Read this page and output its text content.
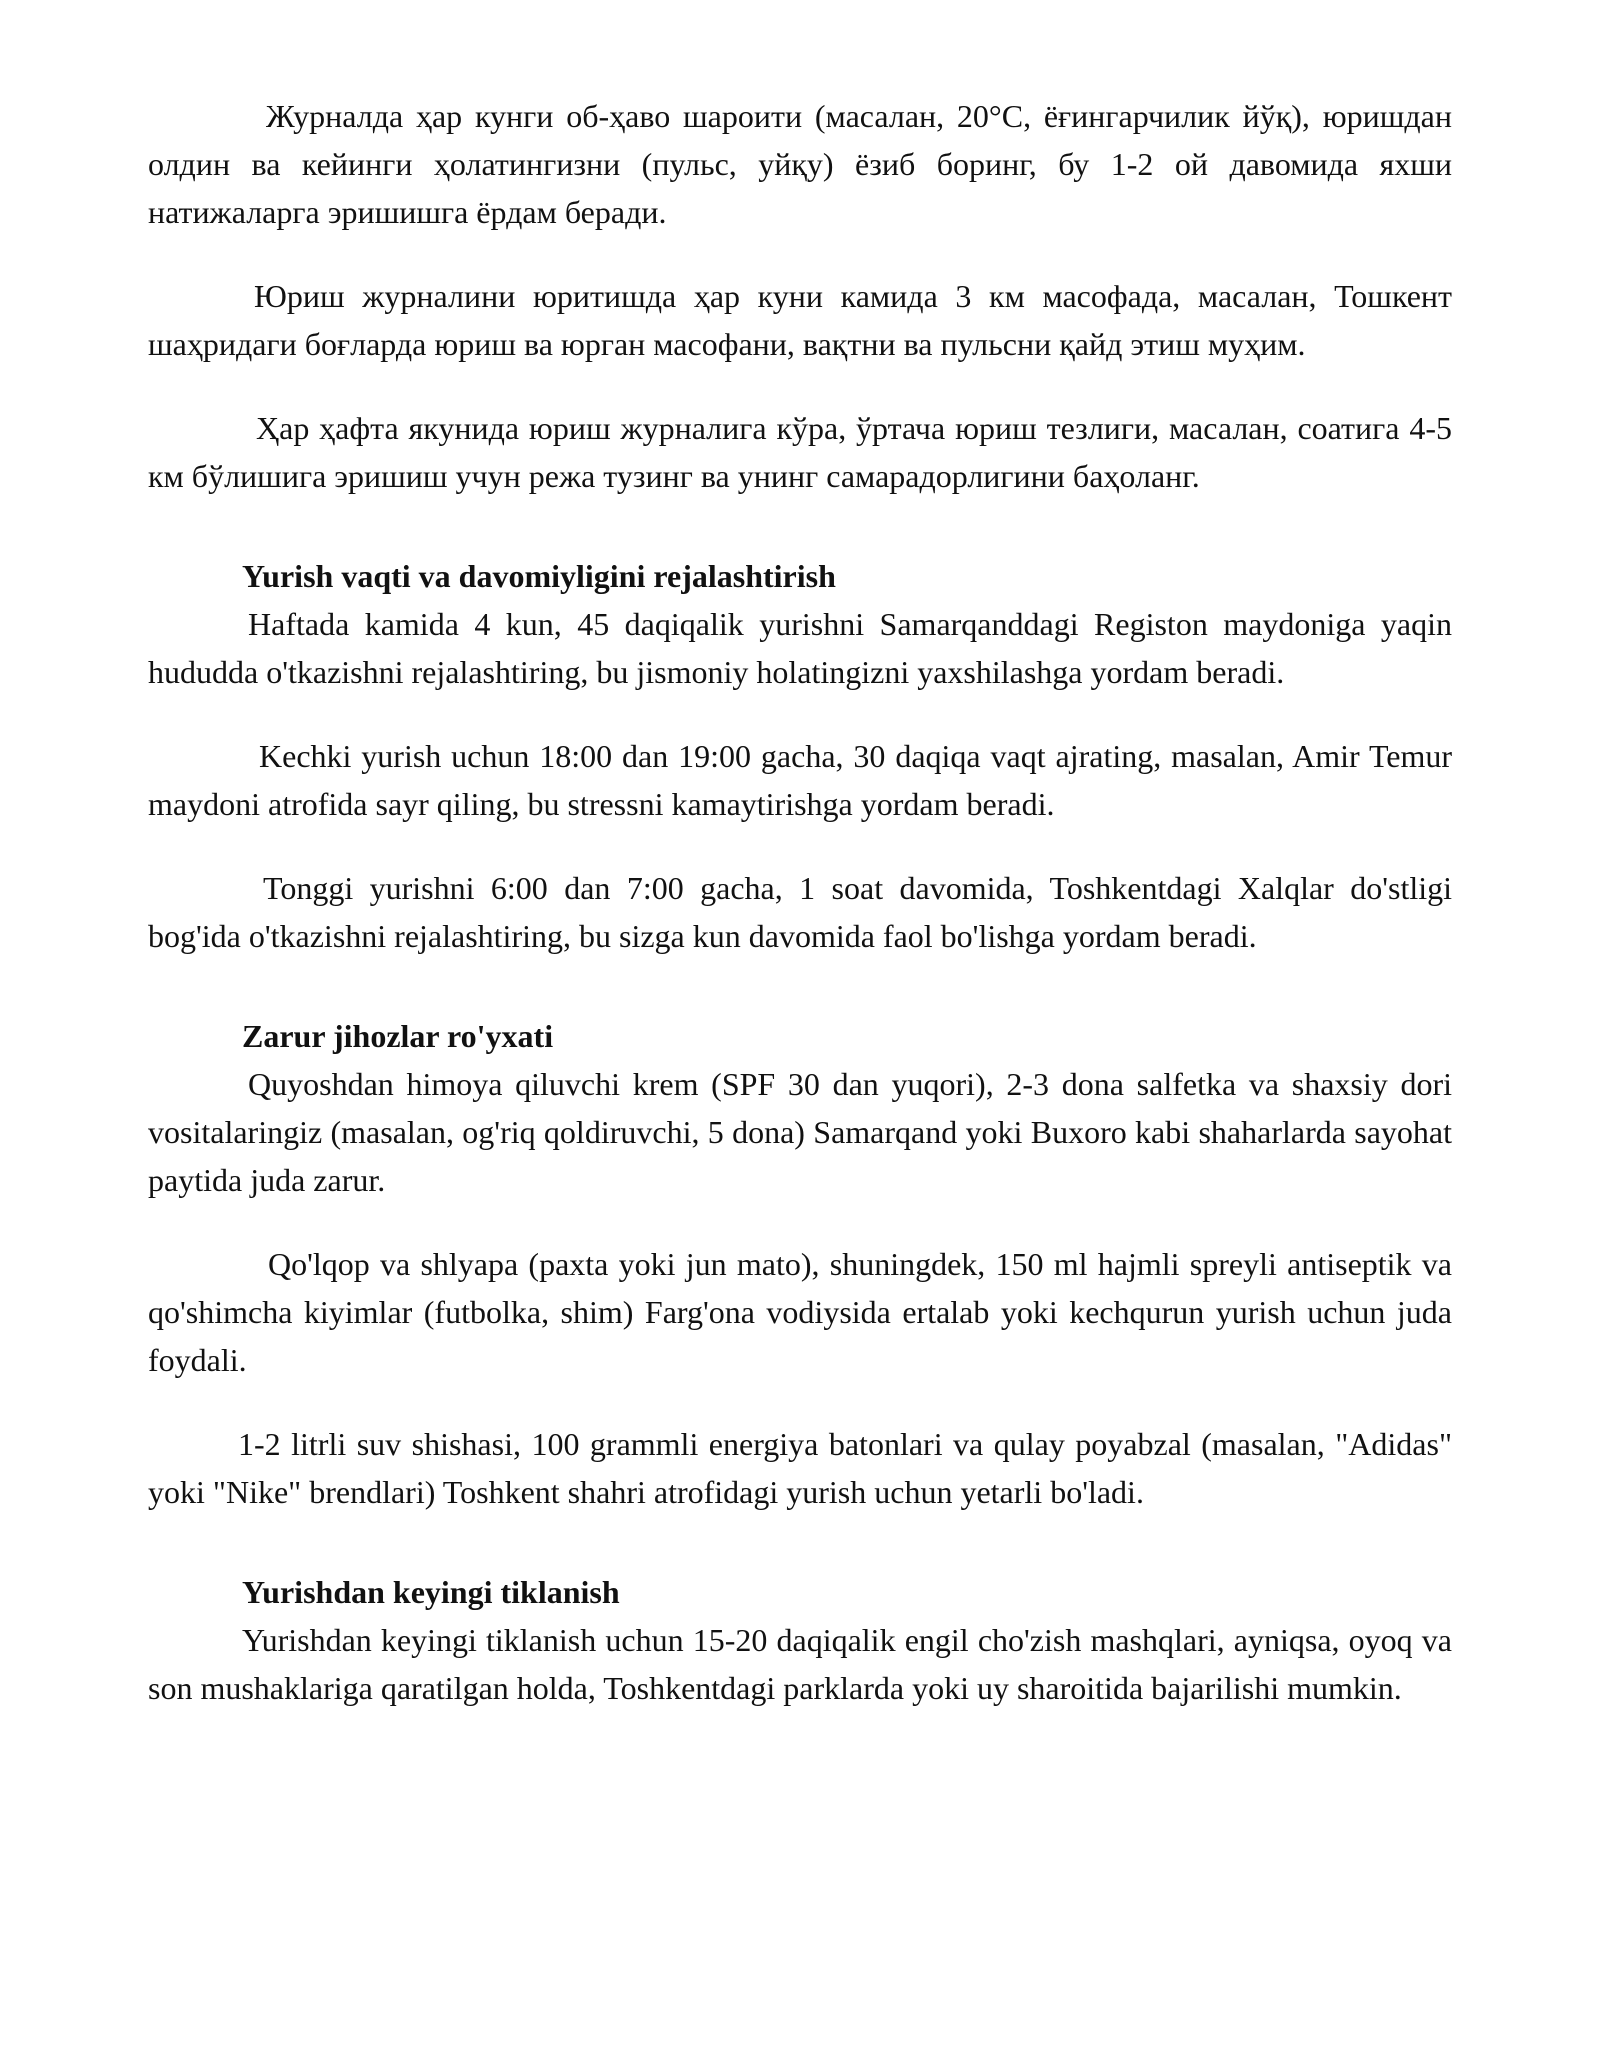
Журналда ҳар кунги об-ҳаво шароити (масалан, 20°C, ёғингарчилик йўқ), юришдан олдин ва кейинги ҳолатингизни (пульс, уйқу) ёзиб боринг, бу 1-2 ой давомида яхши натижаларга эришишга ёрдам беради.

Юриш журналини юритишда ҳар куни камида 3 км масофада, масалан, Тошкент шаҳридаги боғларда юриш ва юрган масофани, вақтни ва пульсни қайд этиш муҳим.

Ҳар ҳафта якунида юриш журналига кўра, ўртача юриш тезлиги, масалан, соатига 4-5 км бўлишига эришиш учун режа тузинг ва унинг самарадорлигини баҳоланг.

Yurish vaqti va davomiyligini rejalashtirish

Haftada kamida 4 kun, 45 daqiqalik yurishni Samarqanddagi Registon maydoniga yaqin hududda o'tkazishni rejalashtiring, bu jismoniy holatingizni yaxshilashga yordam beradi.

Kechki yurish uchun 18:00 dan 19:00 gacha, 30 daqiqa vaqt ajrating, masalan, Amir Temur maydoni atrofida sayr qiling, bu stressni kamaytirishga yordam beradi.

Tonggi yurishni 6:00 dan 7:00 gacha, 1 soat davomida, Toshkentdagi Xalqlar do'stligi bog'ida o'tkazishni rejalashtiring, bu sizga kun davomida faol bo'lishga yordam beradi.

Zarur jihozlar ro'yxati

Quyoshdan himoya qiluvchi krem (SPF 30 dan yuqori), 2-3 dona salfetka va shaxsiy dori vositalaringiz (masalan, og'riq qoldiruvchi, 5 dona) Samarqand yoki Buxoro kabi shaharlarda sayohat paytida juda zarur.

Qo'lqop va shlyapa (paxta yoki jun mato), shuningdek, 150 ml hajmli spreyli antiseptik va qo'shimcha kiyimlar (futbolka, shim) Farg'ona vodiysida ertalab yoki kechqurun yurish uchun juda foydali.

1-2 litrli suv shishasi, 100 grammli energiya batonlari va qulay poyabzal (masalan, "Adidas" yoki "Nike" brendlari) Toshkent shahri atrofidagi yurish uchun yetarli bo'ladi.

Yurishdan keyingi tiklanish

Yurishdan keyingi tiklanish uchun 15-20 daqiqalik engil cho'zish mashqlari, ayniqsa, oyoq va son mushaklariga qaratilgan holda, Toshkentdagi parklarda yoki uy sharoitida bajarilishi mumkin.
